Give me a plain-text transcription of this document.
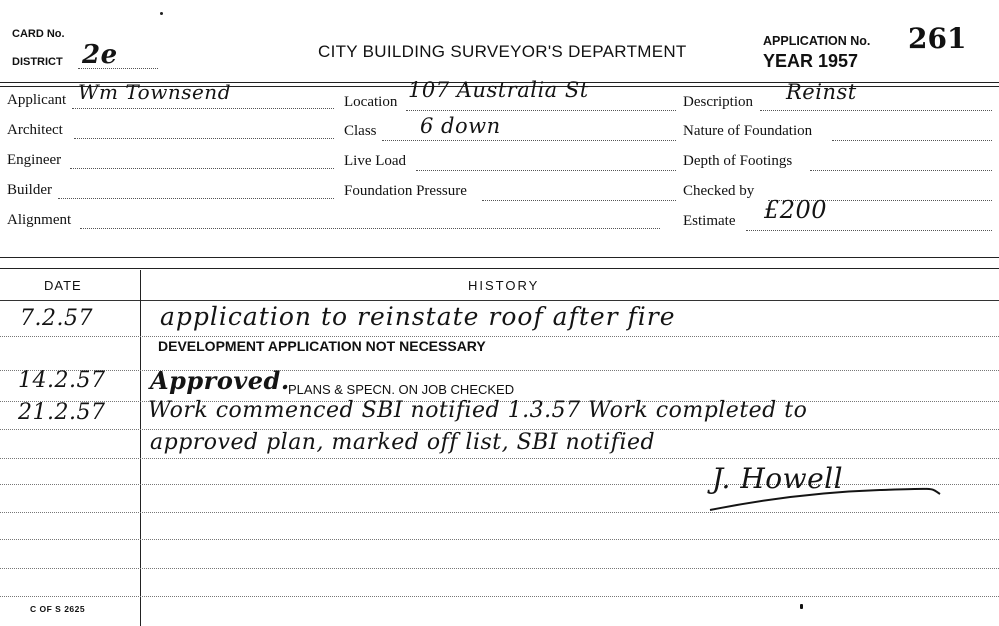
CARD No.
DISTRICT 2e	CITY BUILDING SURVEYOR'S DEPARTMENT
APPLICATION No. 261
YEAR 1957
Applicant Wm Townsend
Architect
Engineer
Builder
Alignment
Location 107 Australia St
Class 6 down
Live Load
Foundation Pressure
Description Reinst
Nature of Foundation
Depth of Footings
Checked by
Estimate £200
DATE	HISTORY
7.2.57	application to reinstate roof after fire
DEVELOPMENT APPLICATION NOT NECESSARY
14.2.57 Approved.
PLANS & SPECN. ON JOB CHECKED
21.2.57 Work commenced SBI notified 1.3.57 Work completed to
approved plan, marked off list, SBI notified
J. Howell
C OF S 2625
